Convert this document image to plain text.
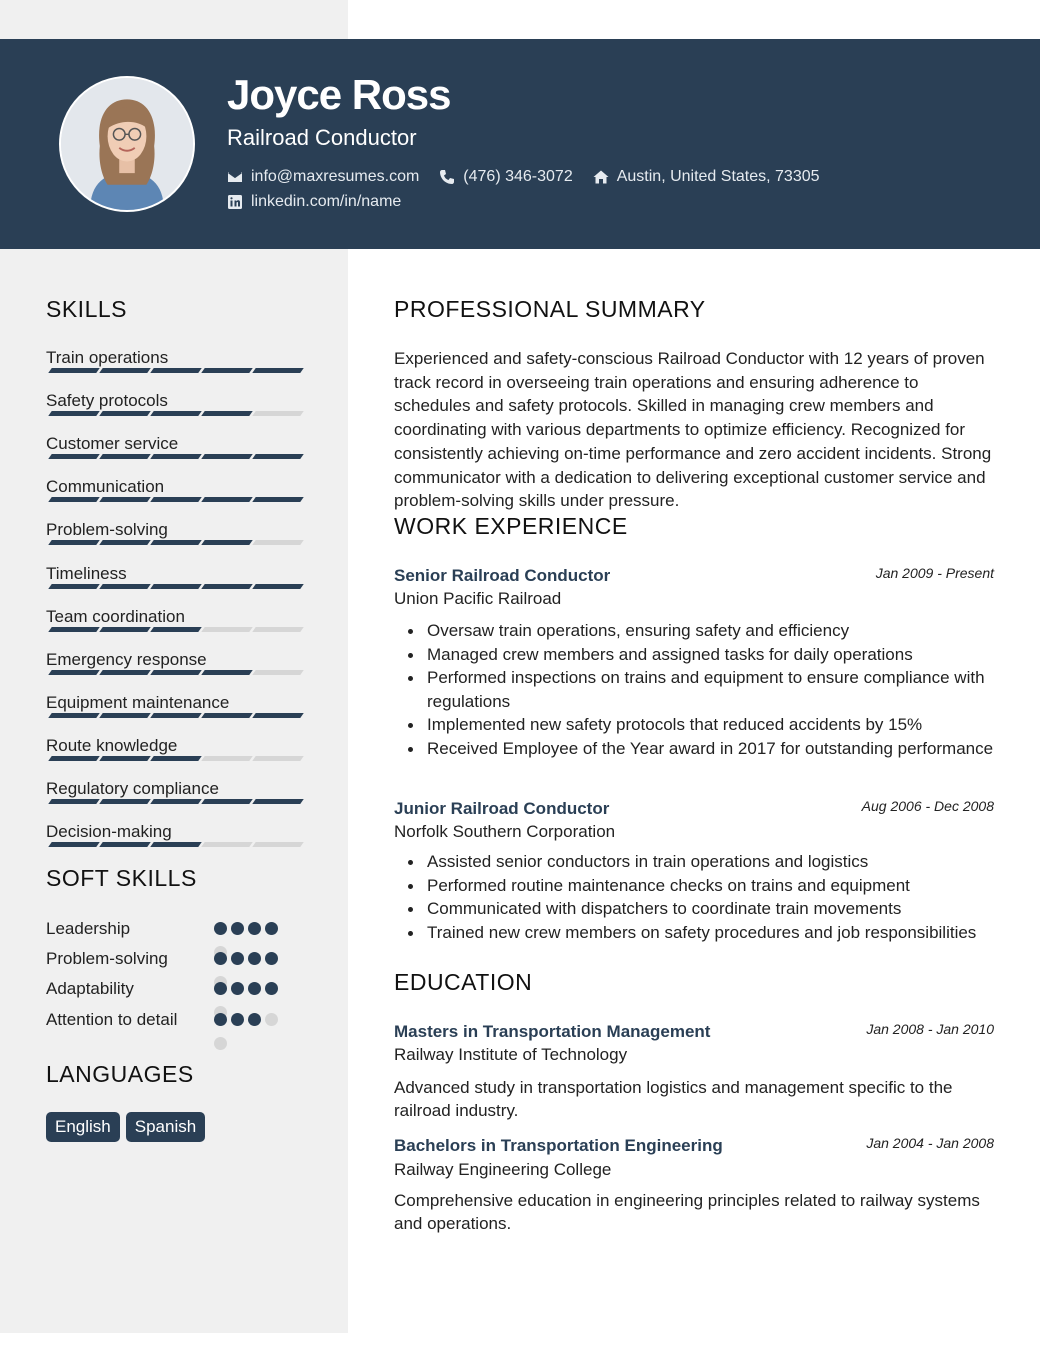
Joyce Ross
Railroad Conductor
info@maxresumes.com	(476) 346-3072	Austin, United States, 73305
linkedin.com/in/name
SKILLS
Train operations
Safety protocols
Customer service
Communication
Problem-solving
Timeliness
Team coordination
Emergency response
Equipment maintenance
Route knowledge
Regulatory compliance
Decision-making
SOFT SKILLS
Leadership
Problem-solving
Adaptability
Attention to detail
LANGUAGES
English	Spanish
PROFESSIONAL SUMMARY
Experienced and safety-conscious Railroad Conductor with 12 years of proven track record in overseeing train operations and ensuring adherence to schedules and safety protocols. Skilled in managing crew members and coordinating with various departments to optimize efficiency. Recognized for consistently achieving on-time performance and zero accident incidents. Strong communicator with a dedication to delivering exceptional customer service and problem-solving skills under pressure.
WORK EXPERIENCE
Senior Railroad Conductor	Jan 2009 - Present
Union Pacific Railroad
Oversaw train operations, ensuring safety and efficiency
Managed crew members and assigned tasks for daily operations
Performed inspections on trains and equipment to ensure compliance with regulations
Implemented new safety protocols that reduced accidents by 15%
Received Employee of the Year award in 2017 for outstanding performance
Junior Railroad Conductor	Aug 2006 - Dec 2008
Norfolk Southern Corporation
Assisted senior conductors in train operations and logistics
Performed routine maintenance checks on trains and equipment
Communicated with dispatchers to coordinate train movements
Trained new crew members on safety procedures and job responsibilities
EDUCATION
Masters in Transportation Management	Jan 2008 - Jan 2010
Railway Institute of Technology
Advanced study in transportation logistics and management specific to the railroad industry.
Bachelors in Transportation Engineering	Jan 2004 - Jan 2008
Railway Engineering College
Comprehensive education in engineering principles related to railway systems and operations.
